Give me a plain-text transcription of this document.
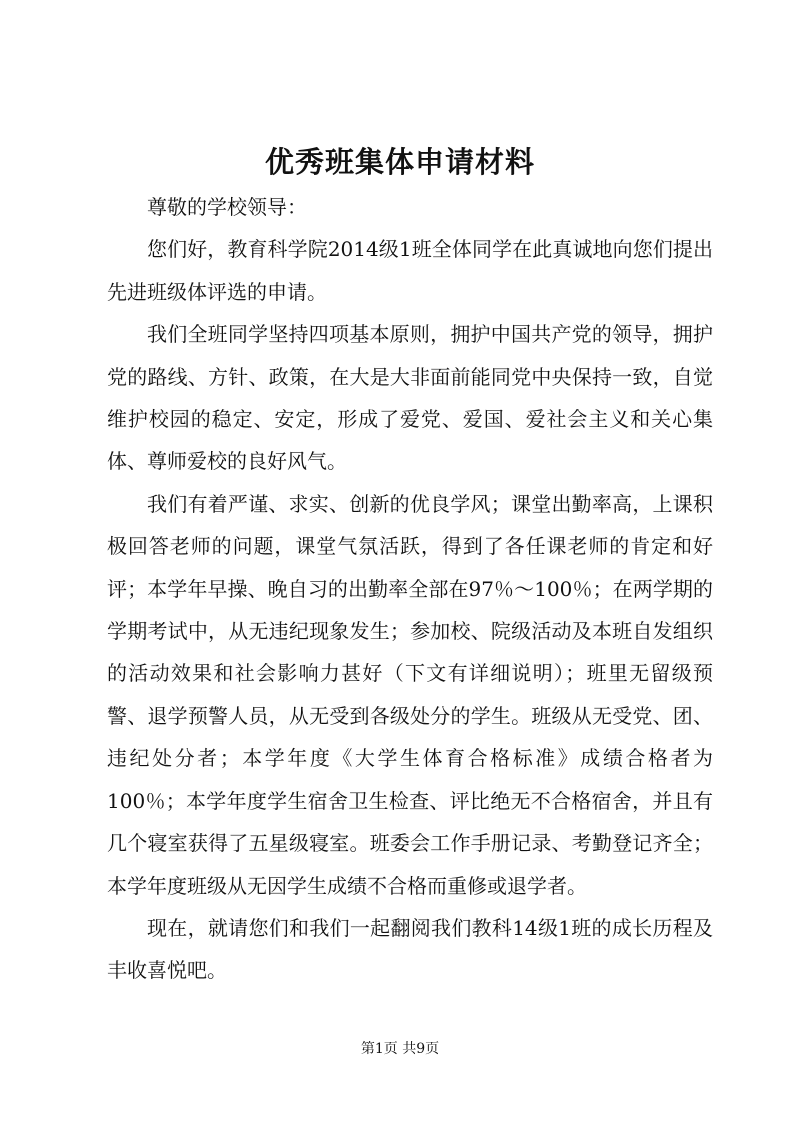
优秀班集体申请材料

尊敬的学校领导：

您们好，教育科学院2014级1班全体同学在此真诚地向您们提出先进班级体评选的申请。

我们全班同学坚持四项基本原则，拥护中国共产党的领导，拥护党的路线、方针、政策，在大是大非面前能同党中央保持一致，自觉维护校园的稳定、安定，形成了爱党、爱国、爱社会主义和关心集体、尊师爱校的良好风气。

我们有着严谨、求实、创新的优良学风；课堂出勤率高，上课积极回答老师的问题，课堂气氛活跃，得到了各任课老师的肯定和好评；本学年早操、晚自习的出勤率全部在97％～100％；在两学期的学期考试中，从无违纪现象发生；参加校、院级活动及本班自发组织的活动效果和社会影响力甚好（下文有详细说明）；班里无留级预警、退学预警人员，从无受到各级处分的学生。班级从无受党、团、违纪处分者；本学年度《大学生体育合格标准》成绩合格者为100％；本学年度学生宿舍卫生检查、评比绝无不合格宿舍，并且有几个寝室获得了五星级寝室。班委会工作手册记录、考勤登记齐全；本学年度班级从无因学生成绩不合格而重修或退学者。

现在，就请您们和我们一起翻阅我们教科14级1班的成长历程及丰收喜悦吧。

第1页 共9页
